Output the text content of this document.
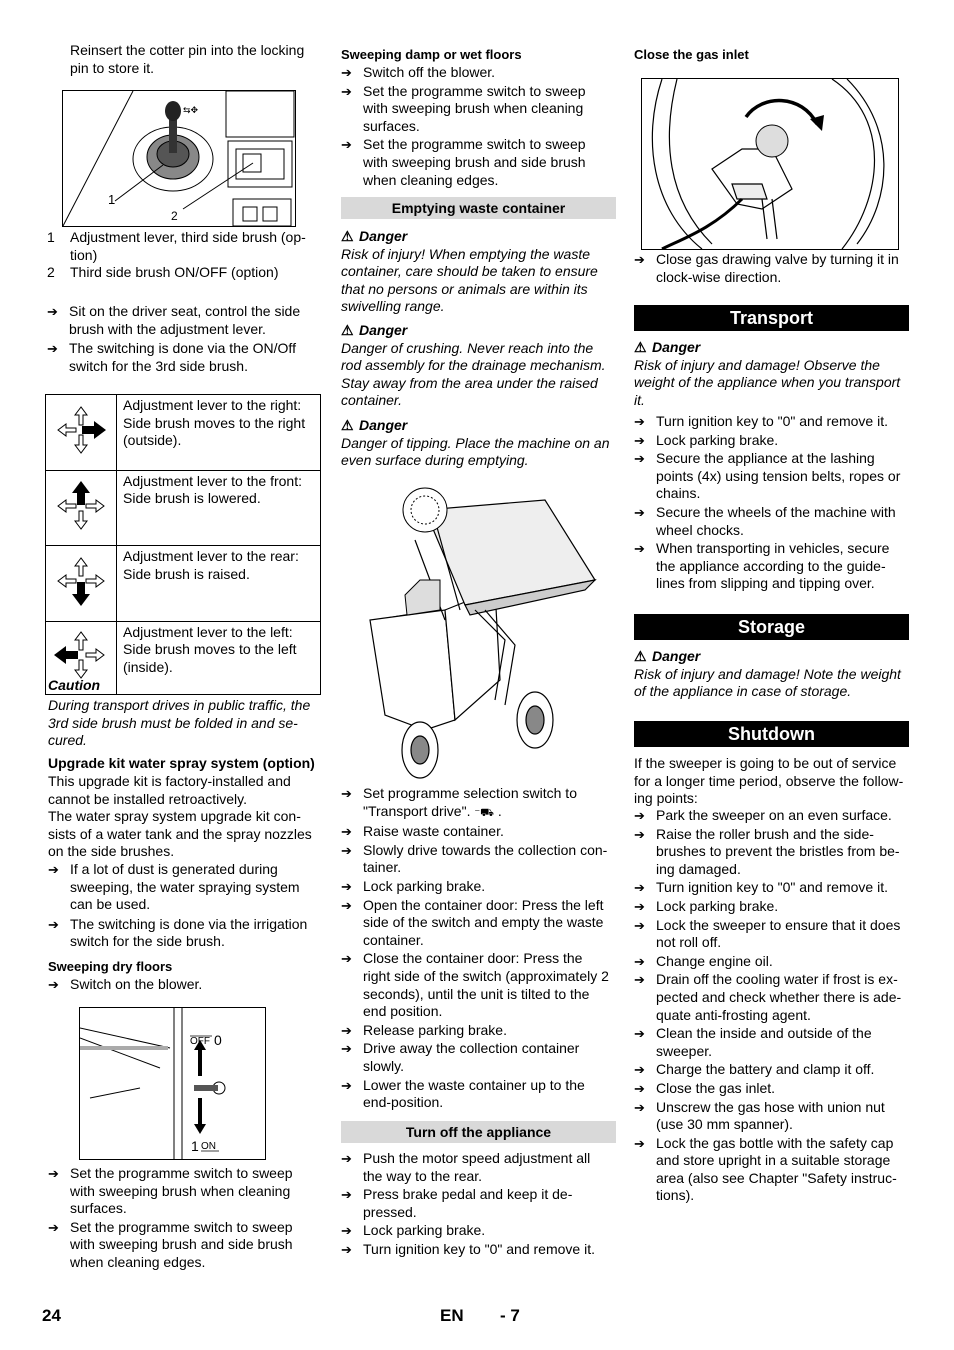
Reinsert the cotter pin into the locking pin to store it.

⇆✥
1
2
1 Adjustment lever, third side brush (op-tion)
2 Third side brush ON/OFF (option)

➔ Sit on the driver seat, control the side brush with the adjustment lever.

➔ The switching is done via the ON/Off switch for the 3rd side brush.

	Adjustment lever to the right: Side brush moves to the right (outside).
	Adjustment lever to the front: Side brush is lowered.
	Adjustment lever to the rear: Side brush is raised.
	Adjustment lever to the left: Side brush moves to the left (inside).

Caution

During transport drives in public traffic, the 3rd side brush must be folded in and se-cured.

Upgrade kit water spray system (option)

This upgrade kit is factory-installed and cannot be installed retroactively.

The water spray system upgrade kit con-sists of a water tank and the spray nozzles on the side brushes.

➔ If a lot of dust is generated during sweeping, the water spraying system can be used.

➔ The switching is done via the irrigation switch for the side brush.

Sweeping dry floors

➔ Switch on the blower.

OFF 0
1 ON

➔ Set the programme switch to sweep with sweeping brush when cleaning surfaces.

➔ Set the programme switch to sweep with sweeping brush and side brush when cleaning edges.

Sweeping damp or wet floors

➔ Switch off the blower.

➔ Set the programme switch to sweep with sweeping brush when cleaning surfaces.

➔ Set the programme switch to sweep with sweeping brush and side brush when cleaning edges.

Emptying waste container

⚠ Danger

Risk of injury! When emptying the waste container, care should be taken to ensure that no persons or animals are within its swivelling range.

⚠ Danger

Danger of crushing. Never reach into the rod assembly for the drainage mechanism. Stay away from the area under the raised container.

⚠ Danger

Danger of tipping. Place the machine on an even surface during emptying.

➔ Set programme selection switch to "Transport drive". ⁻⛟ .

➔ Raise waste container.

➔ Slowly drive towards the collection con-tainer.

➔ Lock parking brake.

➔ Open the container door: Press the left side of the switch and empty the waste container.

➔ Close the container door: Press the right side of the switch (approximately 2 seconds), until the unit is tilted to the end position.

➔ Release parking brake.

➔ Drive away the collection container slowly.

➔ Lower the waste container up to the end-position.

Turn off the appliance

➔ Push the motor speed adjustment all the way to the rear.

➔ Press brake pedal and keep it de-pressed.

➔ Lock parking brake.

➔ Turn ignition key to "0" and remove it.

Close the gas inlet

➔ Close gas drawing valve by turning it in clock-wise direction.

Transport

⚠ Danger

Risk of injury and damage! Observe the weight of the appliance when you transport it.

➔ Turn ignition key to "0" and remove it.

➔ Lock parking brake.

➔ Secure the appliance at the lashing points (4x) using tension belts, ropes or chains.

➔ Secure the wheels of the machine with wheel chocks.

➔ When transporting in vehicles, secure the appliance according to the guide-lines from slipping and tipping over.

Storage

⚠ Danger

Risk of injury and damage! Note the weight of the appliance in case of storage.

Shutdown

If the sweeper is going to be out of service for a longer time period, observe the follow-ing points:

➔ Park the sweeper on an even surface.

➔ Raise the roller brush and the side-brushes to prevent the bristles from be-ing damaged.

➔ Turn ignition key to "0" and remove it.

➔ Lock parking brake.

➔ Lock the sweeper to ensure that it does not roll off.

➔ Change engine oil.

➔ Drain off the cooling water if frost is ex-pected and check whether there is ade-quate anti-frosting agent.

➔ Clean the inside and outside of the sweeper.

➔ Charge the battery and clamp it off.

➔ Close the gas inlet.

➔ Unscrew the gas hose with union nut (use 30 mm spanner).

➔ Lock the gas bottle with the safety cap and store upright in a suitable storage area (also see Chapter "Safety instruc-tions).

24	EN - 7
